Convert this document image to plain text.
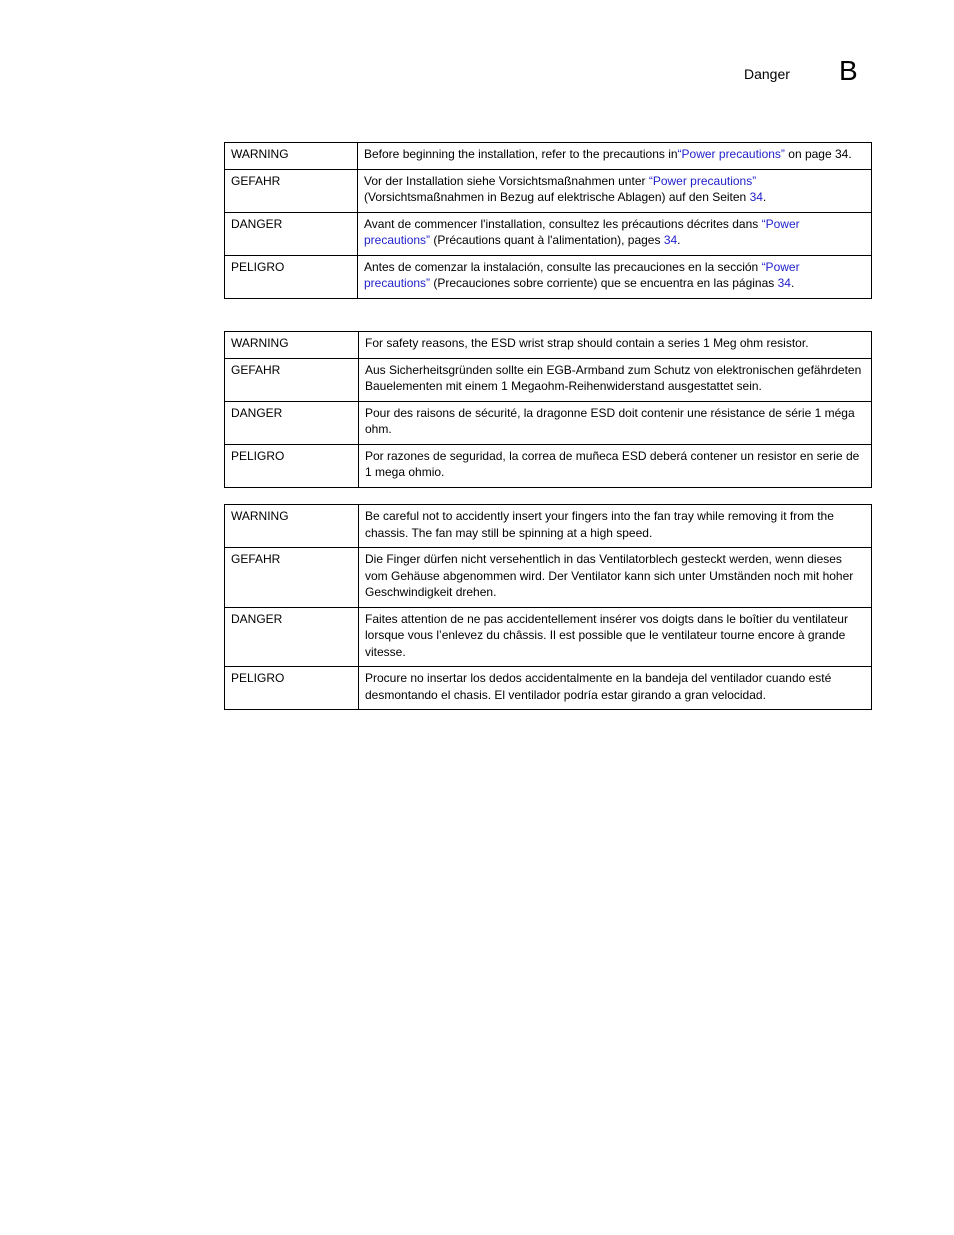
Danger B
WARNING	Before beginning the installation, refer to the precautions in“Power precautions” on page 34.
GEFAHR	Vor der Installation siehe Vorsichtsmaßnahmen unter “Power precautions” (Vorsichtsmaßnahmen in Bezug auf elektrische Ablagen) auf den Seiten 34.
DANGER	Avant de commencer l'installation, consultez les précautions décrites dans “Power precautions” (Précautions quant à l'alimentation), pages 34.
PELIGRO	Antes de comenzar la instalación, consulte las precauciones en la sección “Power precautions” (Precauciones sobre corriente) que se encuentra en las páginas 34.
WARNING	For safety reasons, the ESD wrist strap should contain a series 1 Meg ohm resistor.
GEFAHR	Aus Sicherheitsgründen sollte ein EGB-Armband zum Schutz von elektronischen gefährdeten Bauelementen mit einem 1 Megaohm-Reihenwiderstand ausgestattet sein.
DANGER	Pour des raisons de sécurité, la dragonne ESD doit contenir une résistance de série 1 méga ohm.
PELIGRO	Por razones de seguridad, la correa de muñeca ESD deberá contener un resistor en serie de 1 mega ohmio.
WARNING	Be careful not to accidently insert your fingers into the fan tray while removing it from the chassis. The fan may still be spinning at a high speed.
GEFAHR	Die Finger dürfen nicht versehentlich in das Ventilatorblech gesteckt werden, wenn dieses vom Gehäuse abgenommen wird. Der Ventilator kann sich unter Umständen noch mit hoher Geschwindigkeit drehen.
DANGER	Faites attention de ne pas accidentellement insérer vos doigts dans le boîtier du ventilateur lorsque vous l’enlevez du châssis. Il est possible que le ventilateur tourne encore à grande vitesse.
PELIGRO	Procure no insertar los dedos accidentalmente en la bandeja del ventilador cuando esté desmontando el chasis. El ventilador podría estar girando a gran velocidad.
